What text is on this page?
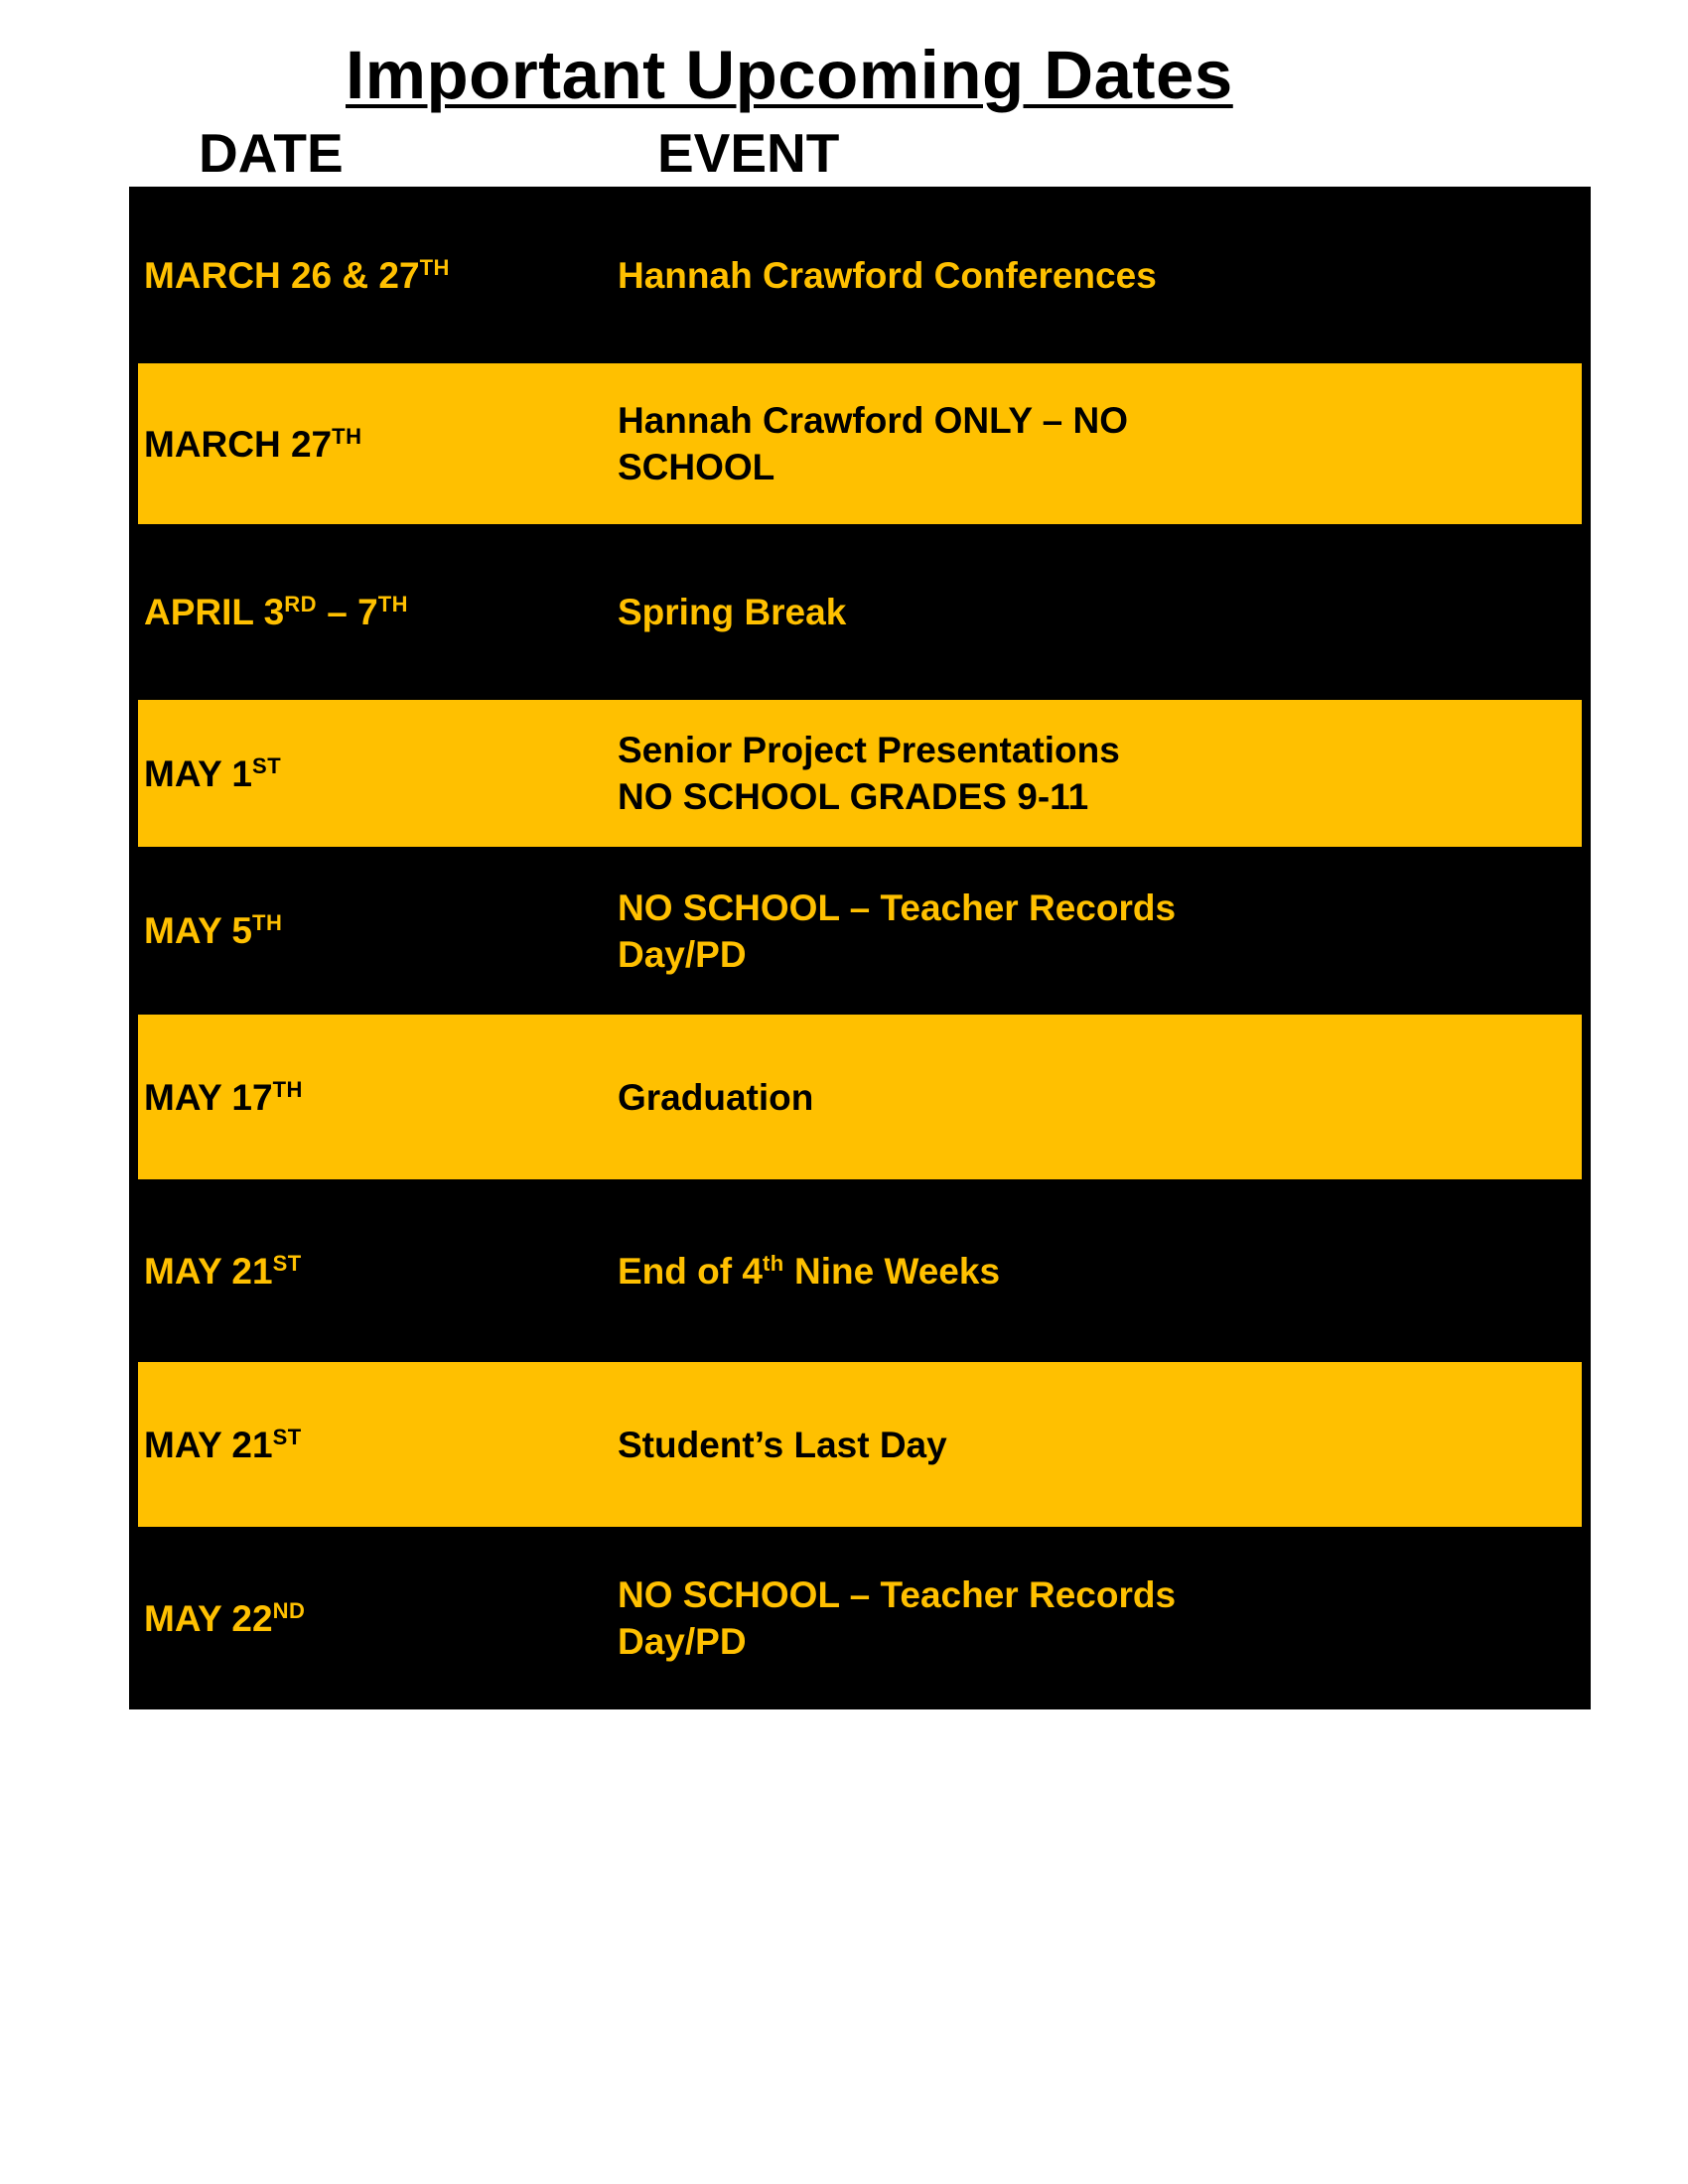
Important Upcoming Dates
DATE	EVENT
MARCH 26 & 27TH	Hannah Crawford Conferences
MARCH 27TH	Hannah Crawford ONLY – NO
SCHOOL
APRIL 3RD – 7TH	Spring Break
MAY 1ST	Senior Project Presentations
NO SCHOOL GRADES 9-11
MAY 5TH	NO SCHOOL – Teacher Records
Day/PD
MAY 17TH	Graduation
MAY 21ST	End of 4th Nine Weeks
MAY 21ST	Student’s Last Day
MAY 22ND	NO SCHOOL – Teacher Records
Day/PD
